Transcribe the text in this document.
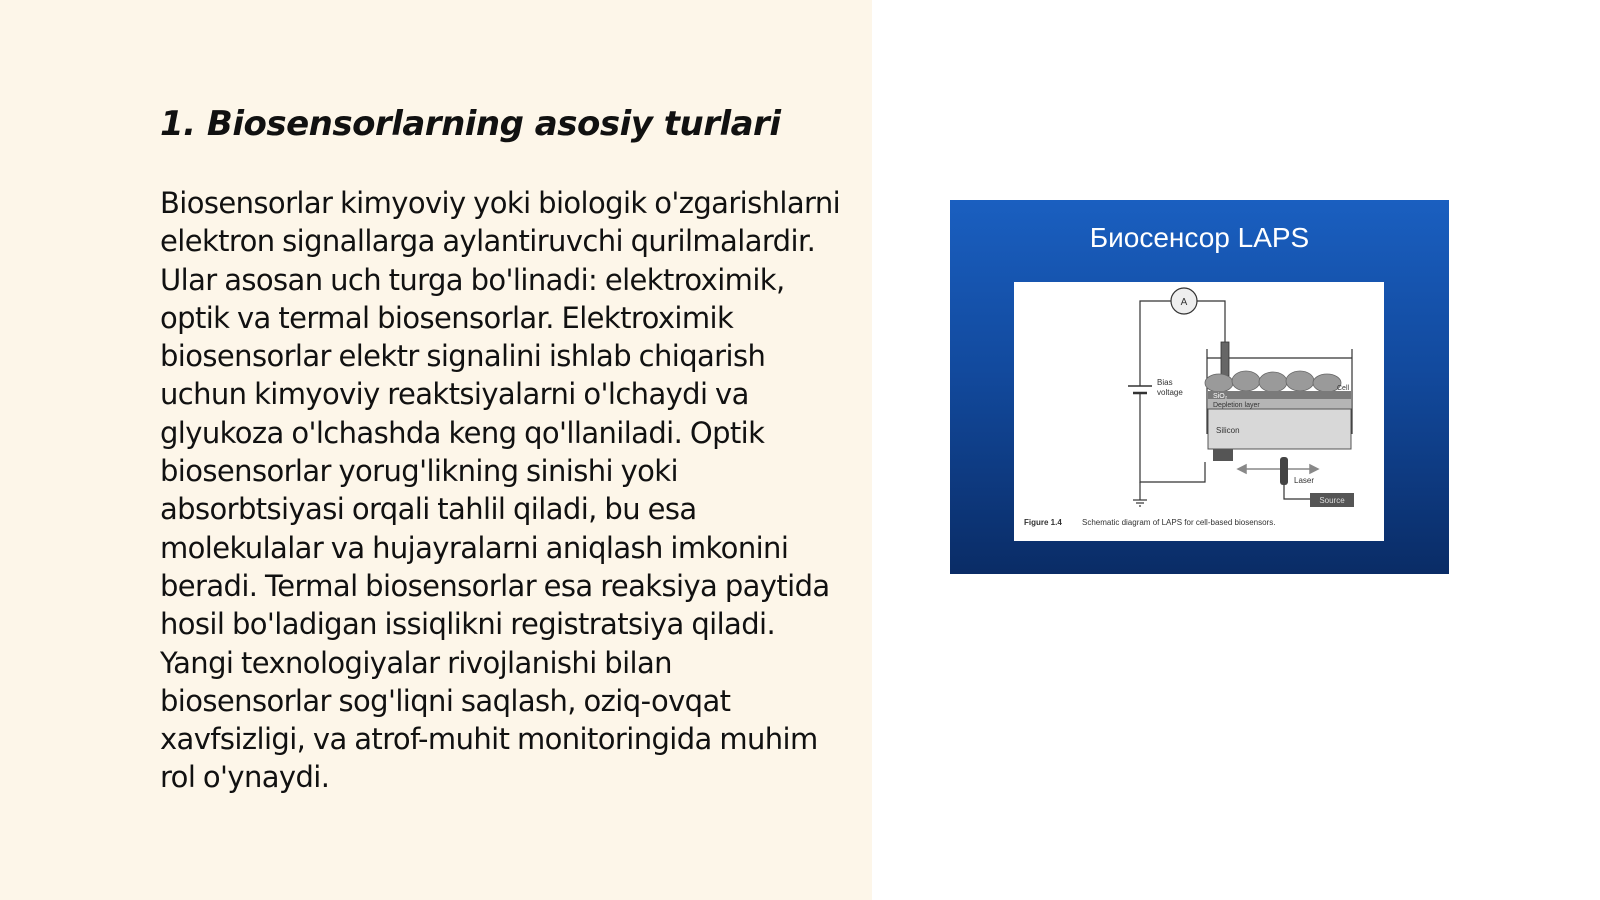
1. Biosensorlarning asosiy turlari

Biosensorlar kimyoviy yoki biologik o'zgarishlarni elektron signallarga aylantiruvchi qurilmalardir. Ular asosan uch turga bo'linadi: elektroximik, optik va termal biosensorlar. Elektroximik biosensorlar elektr signalini ishlab chiqarish uchun kimyoviy reaktsiyalarni o'lchaydi va glyukoza o'lchashda keng qo'llaniladi. Optik biosensorlar yorug'likning sinishi yoki absorbtsiyasi orqali tahlil qiladi, bu esa molekulalar va hujayralarni aniqlash imkonini beradi. Termal biosensorlar esa reaksiya paytida hosil bo'ladigan issiqlikni registratsiya qiladi. Yangi texnologiyalar rivojlanishi bilan biosensorlar sog'liqni saqlash, oziq-ovqat xavfsizligi, va atrof-muhit monitoringida muhim rol o'ynaydi.

Биосенсор LAPS
A
Bias
voltage	Cell
SiO₂
Depletion layer
Silicon
Laser
Source
Figure 1.4	Schematic diagram of LAPS for cell-based biosensors.
